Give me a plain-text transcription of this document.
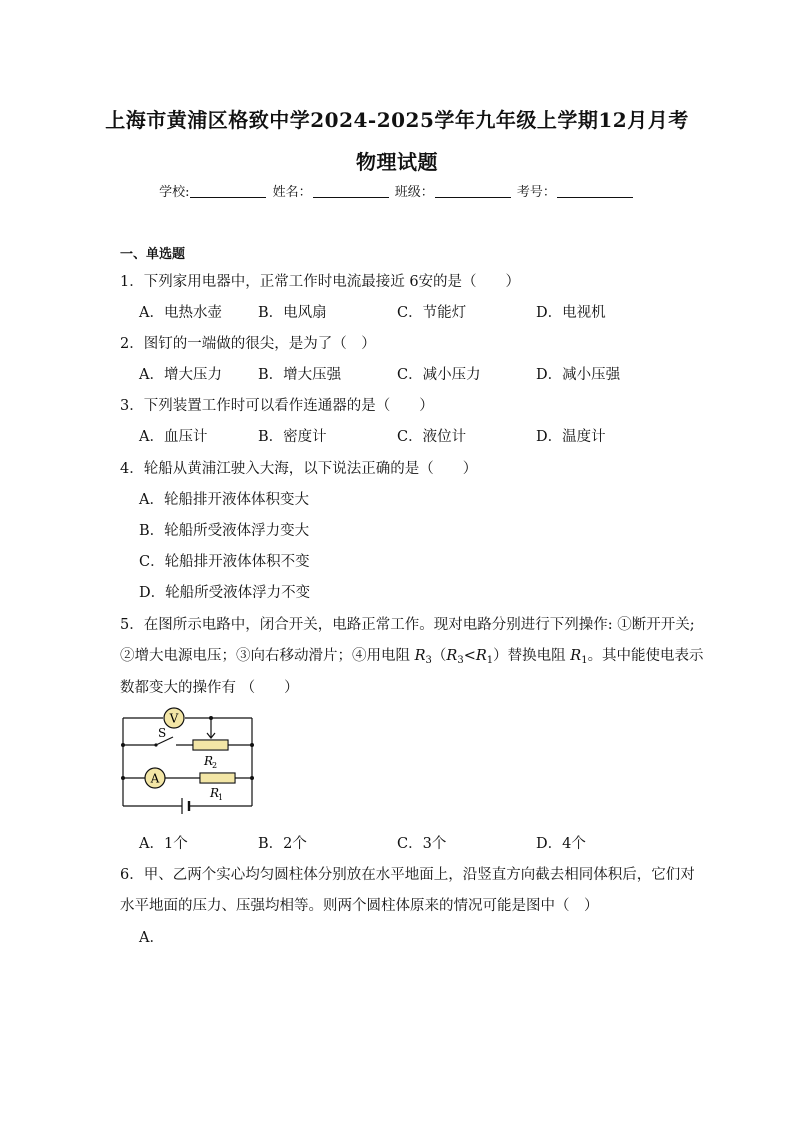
上海市黄浦区格致中学2024-2025学年九年级上学期12月月考
物理试题
学校:	姓名：	班级：	考号：
一、单选题
1．下列家用电器中，正常工作时电流最接近 6安的是（　　）
A．电热水壶 B．电风扇	C．节能灯	D．电视机
2．图钉的一端做的很尖，是为了（　）
A．增大压力 B．增大压强	C．减小压力	D．减小压强
3．下列装置工作时可以看作连通器的是（　　）
A．血压计	B．密度计	C．液位计	D．温度计
4．轮船从黄浦江驶入大海，以下说法正确的是（　　）
A．轮船排开液体体积变大
B．轮船所受液体浮力变大
C．轮船排开液体体积不变
D．轮船所受液体浮力不变
5．在图所示电路中，闭合开关，电路正常工作。现对电路分别进行下列操作: ①断开开关;
②增大电源电压；③向右移动滑片；④用电阻 $R_3(R_3<R_1)$替换电阻 $R_1$。其中能使电表示
数都变大的操作有 （　　）
V
A
S
R
2
R
1
A．1个	B．2个	C．3个	D．4个
6．甲、乙两个实心均匀圆柱体分别放在水平地面上，沿竖直方向截去相同体积后，它们对
水平地面的压力、压强均相等。则两个圆柱体原来的情况可能是图中（　）
A．
